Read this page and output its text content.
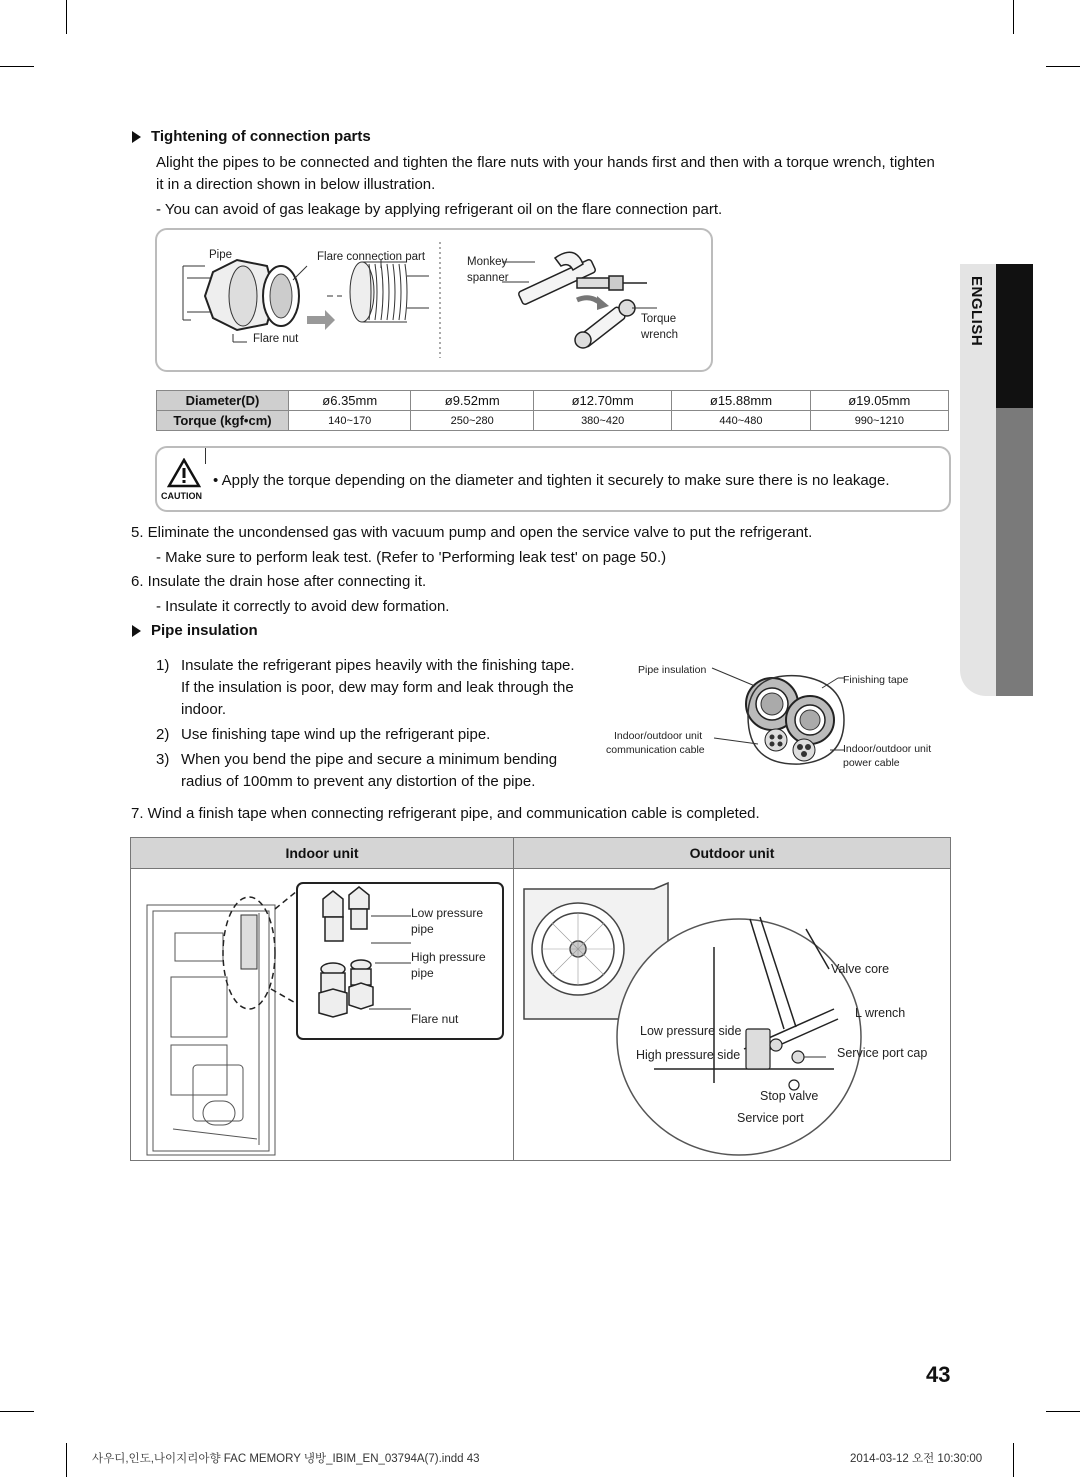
ENGLISH
Tightening of connection parts
Alight the pipes to be connected and tighten the flare nuts with your hands first and then with a torque wrench, tighten
it in a direction shown in below illustration.
- You can avoid of gas leakage by applying refrigerant oil on the flare connection part.
Pipe	Flare connection part
Flare nut
Monkey
spanner
Torque
wrench
Diameter(D)	ø6.35mm	ø9.52mm	ø12.70mm	ø15.88mm	ø19.05mm
Torque (kgf•cm)	140~170	250~280	380~420	440~480	990~1210
CAUTION
• Apply the torque depending on the diameter and tighten it securely to make sure there is no leakage.
5. Eliminate the uncondensed gas with vacuum pump and open the service valve to put the refrigerant.
- Make sure to perform leak test. (Refer to 'Performing leak test' on page 50.)
6. Insulate the drain hose after connecting it.
- Insulate it correctly to avoid dew formation.
Pipe insulation
1) Insulate the refrigerant pipes heavily with the finishing tape.
If the insulation is poor, dew may form and leak through the
indoor.
2) Use finishing tape wind up the refrigerant pipe.
3) When you bend the pipe and secure a minimum bending
radius of 100mm to prevent any distortion of the pipe.
Pipe insulation
Finishing tape
Indoor/outdoor unit
communication cable	Indoor/outdoor unit
power cable
7. Wind a finish tape when connecting refrigerant pipe, and communication cable is completed.
Indoor unit	Outdoor unit
Low pressure
pipe
High pressure
pipe
Flare nut
Valve core
L wrench
Low pressure side
High pressure side	Service port cap
Stop valve
Service port
43
사우디,인도,나이지리아향 FAC MEMORY 냉방_IBIM_EN_03794A(7).indd 43	2014-03-12 오전 10:30:00
